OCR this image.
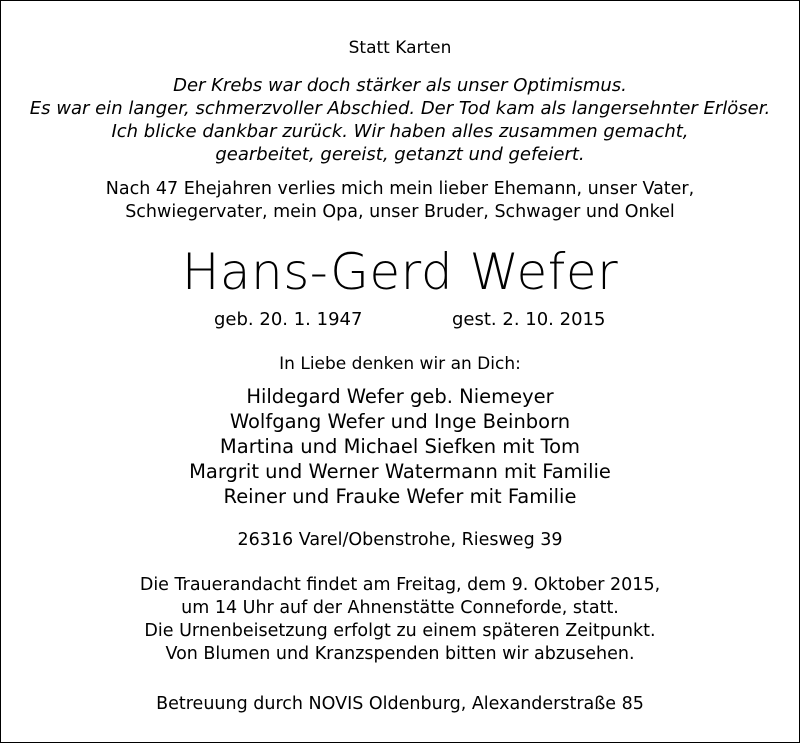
Statt Karten

Der Krebs war doch stärker als unser Optimismus.
Es war ein langer, schmerzvoller Abschied. Der Tod kam als langersehnter Erlöser.
Ich blicke dankbar zurück. Wir haben alles zusammen gemacht,
gearbeitet, gereist, getanzt und gefeiert.
Nach 47 Ehejahren verlies mich mein lieber Ehemann, unser Vater,
Schwiegervater, mein Opa, unser Bruder, Schwager und Onkel

Hans-Gerd Wefer

geb. 20. 1. 1947	gest. 2. 10. 2015

In Liebe denken wir an Dich:

Hildegard Wefer geb. Niemeyer
Wolfgang Wefer und Inge Beinborn
Martina und Michael Siefken mit Tom
Margrit und Werner Watermann mit Familie
Reiner und Frauke Wefer mit Familie

26316 Varel/Obenstrohe, Riesweg 39

Die Trauerandacht findet am Freitag, dem 9. Oktober 2015,
um 14 Uhr auf der Ahnenstätte Conneforde, statt.
Die Urnenbeisetzung erfolgt zu einem späteren Zeitpunkt.
Von Blumen und Kranzspenden bitten wir abzusehen.

Betreuung durch NOVIS Oldenburg, Alexanderstraße 85
